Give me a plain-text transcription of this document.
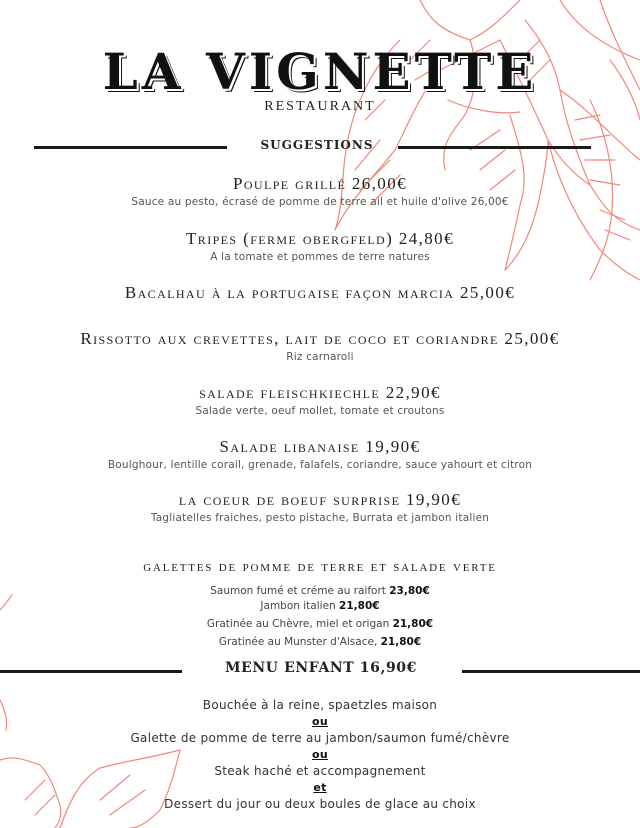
LA VIGNETTE
RESTAURANT
SUGGESTIONS
Poulpe grillé 26,00€
Sauce au pesto, écrasé de pomme de terre ail et huile d'olive 26,00€
Tripes (ferme obergfeld) 24,80€
A la tomate et pommes de terre natures
Bacalhau à la portugaise façon marcia 25,00€
Rissotto aux crevettes, lait de coco et coriandre 25,00€
Riz carnaroli
salade fleischkiechle 22,90€
Salade verte, oeuf mollet, tomate et croutons
Salade libanaise 19,90€
Boulghour, lentille corail, grenade, falafels, coriandre, sauce yahourt et citron
la coeur de boeuf surprise 19,90€
Tagliatelles fraiches, pesto pistache, Burrata et jambon italien
galettes de pomme de terre et salade verte
Saumon fumé et créme au raifort 23,80€
Jambon italien 21,80€
Gratinée au Chèvre, miel et origan 21,80€
Gratinée au Munster d'Alsace, 21,80€
MENU ENFANT 16,90€
Bouchée à la reine, spaetzles maison
ou
Galette de pomme de terre au jambon/saumon fumé/chèvre
ou
Steak haché et accompagnement
et
Dessert du jour ou deux boules de glace au choix
